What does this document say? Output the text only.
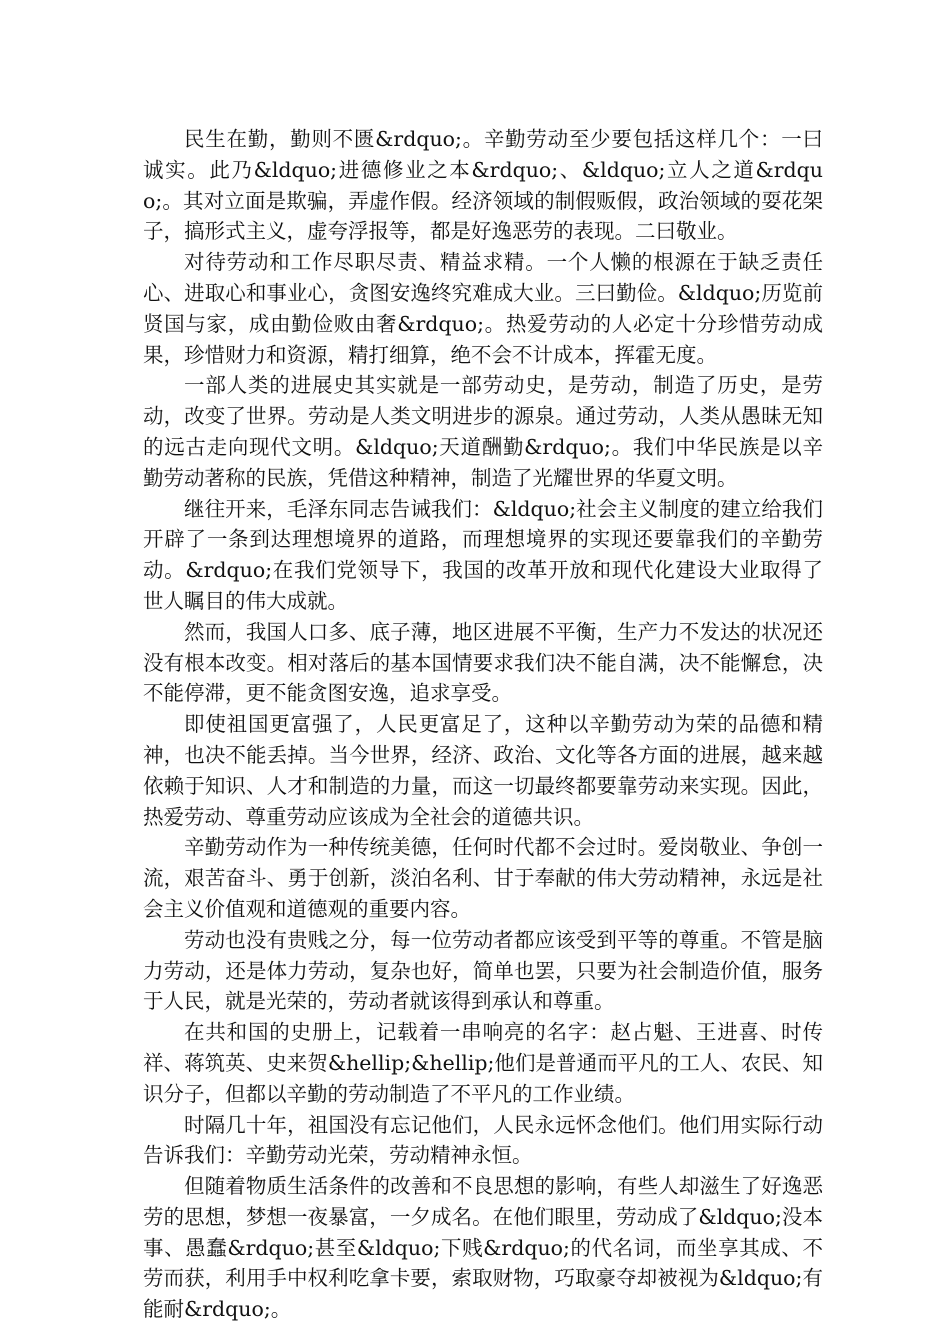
民生在勤，勤则不匮&rdquo;。辛勤劳动至少要包括这样几个：一曰诚实。此乃&ldquo;进德修业之本&rdquo;、&ldquo;立人之道&rdquo;。其对立面是欺骗，弄虚作假。经济领域的制假贩假，政治领域的耍花架子，搞形式主义，虚夸浮报等，都是好逸恶劳的表现。二曰敬业。

对待劳动和工作尽职尽责、精益求精。一个人懒的根源在于缺乏责任心、进取心和事业心，贪图安逸终究难成大业。三曰勤俭。&ldquo;历览前贤国与家，成由勤俭败由奢&rdquo;。热爱劳动的人必定十分珍惜劳动成果，珍惜财力和资源，精打细算，绝不会不计成本，挥霍无度。

一部人类的进展史其实就是一部劳动史，是劳动，制造了历史，是劳动，改变了世界。劳动是人类文明进步的源泉。通过劳动，人类从愚昧无知的远古走向现代文明。&ldquo;天道酬勤&rdquo;。我们中华民族是以辛勤劳动著称的民族，凭借这种精神，制造了光耀世界的华夏文明。

继往开来，毛泽东同志告诫我们：&ldquo;社会主义制度的建立给我们开辟了一条到达理想境界的道路，而理想境界的实现还要靠我们的辛勤劳动。&rdquo;在我们党领导下，我国的改革开放和现代化建设大业取得了世人瞩目的伟大成就。

然而，我国人口多、底子薄，地区进展不平衡，生产力不发达的状况还没有根本改变。相对落后的基本国情要求我们决不能自满，决不能懈怠，决不能停滞，更不能贪图安逸，追求享受。

即使祖国更富强了，人民更富足了，这种以辛勤劳动为荣的品德和精神，也决不能丢掉。当今世界，经济、政治、文化等各方面的进展，越来越依赖于知识、人才和制造的力量，而这一切最终都要靠劳动来实现。因此，热爱劳动、尊重劳动应该成为全社会的道德共识。

辛勤劳动作为一种传统美德，任何时代都不会过时。爱岗敬业、争创一流，艰苦奋斗、勇于创新，淡泊名利、甘于奉献的伟大劳动精神，永远是社会主义价值观和道德观的重要内容。

劳动也没有贵贱之分，每一位劳动者都应该受到平等的尊重。不管是脑力劳动，还是体力劳动，复杂也好，简单也罢，只要为社会制造价值，服务于人民，就是光荣的，劳动者就该得到承认和尊重。

在共和国的史册上，记载着一串响亮的名字：赵占魁、王进喜、时传祥、蒋筑英、史来贺&hellip;&hellip;他们是普通而平凡的工人、农民、知识分子，但都以辛勤的劳动制造了不平凡的工作业绩。

时隔几十年，祖国没有忘记他们，人民永远怀念他们。他们用实际行动告诉我们：辛勤劳动光荣，劳动精神永恒。

但随着物质生活条件的改善和不良思想的影响，有些人却滋生了好逸恶劳的思想，梦想一夜暴富，一夕成名。在他们眼里，劳动成了&ldquo;没本事、愚蠢&rdquo;甚至&ldquo;下贱&rdquo;的代名词，而坐享其成、不劳而获，利用手中权利吃拿卡要，索取财物，巧取豪夺却被视为&ldquo;有能耐&rdquo;。
